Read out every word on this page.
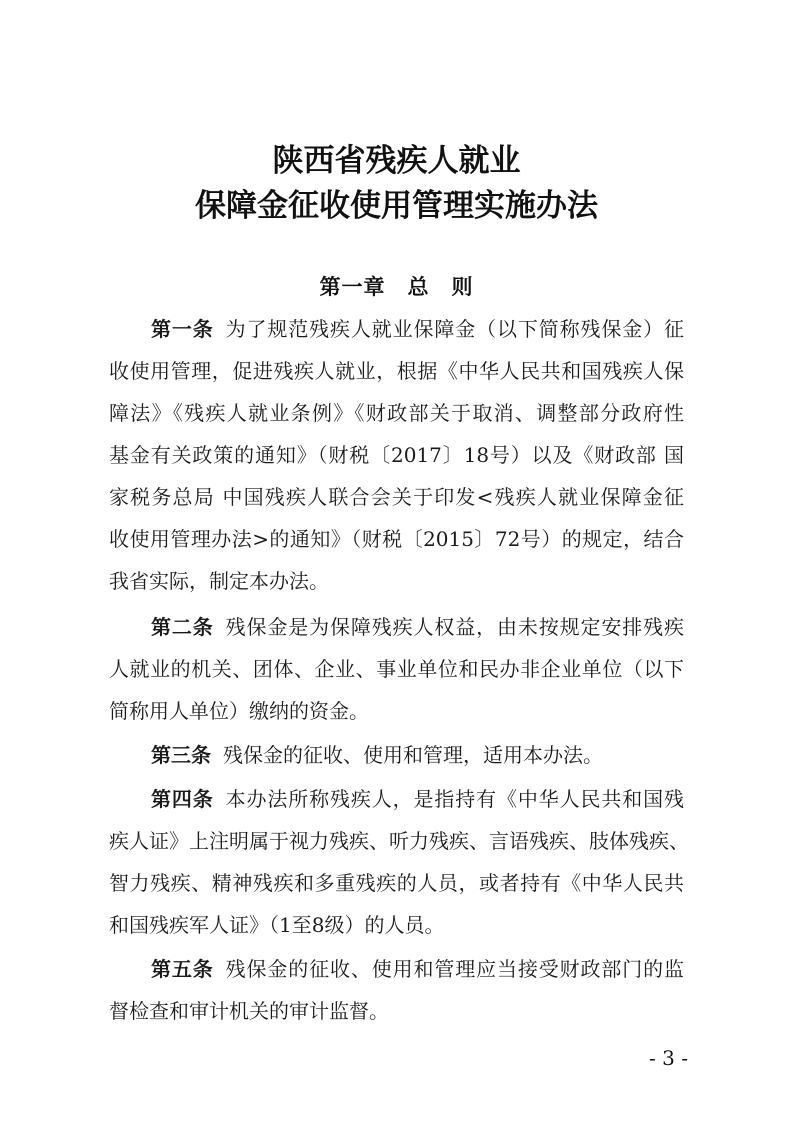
陕西省残疾人就业
保障金征收使用管理实施办法
第一章　总　则
第一条 为了规范残疾人就业保障金（以下简称残保金）征
收使用管理，促进残疾人就业，根据《中华人民共和国残疾人保
障法》《残疾人就业条例》《财政部关于取消、调整部分政府性
基金有关政策的通知》（财税〔2017〕18号）以及《财政部 国
家税务总局 中国残疾人联合会关于印发<残疾人就业保障金征
收使用管理办法>的通知》（财税〔2015〕72号）的规定，结合
我省实际，制定本办法。
第二条 残保金是为保障残疾人权益，由未按规定安排残疾
人就业的机关、团体、企业、事业单位和民办非企业单位（以下
简称用人单位）缴纳的资金。
第三条 残保金的征收、使用和管理，适用本办法。
第四条 本办法所称残疾人，是指持有《中华人民共和国残
疾人证》上注明属于视力残疾、听力残疾、言语残疾、肢体残疾、
智力残疾、精神残疾和多重残疾的人员，或者持有《中华人民共
和国残疾军人证》（1至8级）的人员。
第五条 残保金的征收、使用和管理应当接受财政部门的监
督检查和审计机关的审计监督。
- 3 -
